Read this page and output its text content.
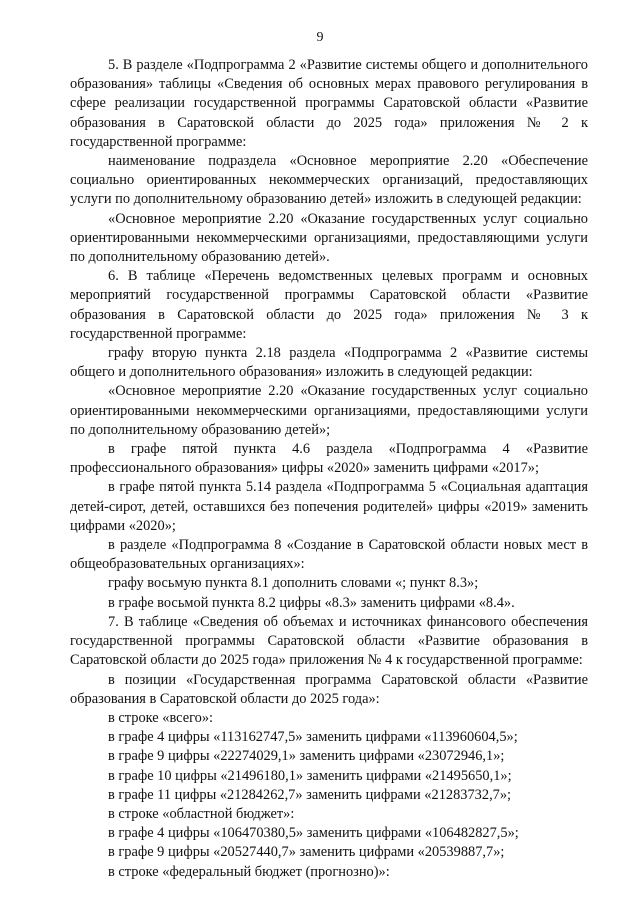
9

5. В разделе «Подпрограмма 2 «Развитие системы общего и дополнительного образования» таблицы «Сведения об основных мерах правового регулирования в сфере реализации государственной программы Саратовской области «Развитие образования в Саратовской области до 2025 года» приложения № 2 к государственной программе:

наименование подраздела «Основное мероприятие 2.20 «Обеспечение социально ориентированных некоммерческих организаций, предоставляющих услуги по дополнительному образованию детей» изложить в следующей редакции:

«Основное мероприятие 2.20 «Оказание государственных услуг социально ориентированными некоммерческими организациями, предоставляющими услуги по дополнительному образованию детей».

6. В таблице «Перечень ведомственных целевых программ и основных мероприятий государственной программы Саратовской области «Развитие образования в Саратовской области до 2025 года» приложения № 3 к государственной программе:

графу вторую пункта 2.18 раздела «Подпрограмма 2 «Развитие системы общего и дополнительного образования» изложить в следующей редакции:

«Основное мероприятие 2.20 «Оказание государственных услуг социально ориентированными некоммерческими организациями, предоставляющими услуги по дополнительному образованию детей»;

в графе пятой пункта 4.6 раздела «Подпрограмма 4 «Развитие профессионального образования» цифры «2020» заменить цифрами «2017»;

в графе пятой пункта 5.14 раздела «Подпрограмма 5 «Социальная адаптация детей-сирот, детей, оставшихся без попечения родителей» цифры «2019» заменить цифрами «2020»;

в разделе «Подпрограмма 8 «Создание в Саратовской области новых мест в общеобразовательных организациях»:

графу восьмую пункта 8.1 дополнить словами «; пункт 8.3»;

в графе восьмой пункта 8.2 цифры «8.3» заменить цифрами «8.4».

7. В таблице «Сведения об объемах и источниках финансового обеспечения государственной программы Саратовской области «Развитие образования в Саратовской области до 2025 года» приложения № 4 к государственной программе:

в позиции «Государственная программа Саратовской области «Развитие образования в Саратовской области до 2025 года»:

в строке «всего»:

в графе 4 цифры «113162747,5» заменить цифрами «113960604,5»;

в графе 9 цифры «22274029,1» заменить цифрами «23072946,1»;

в графе 10 цифры «21496180,1» заменить цифрами «21495650,1»;

в графе 11 цифры «21284262,7» заменить цифрами «21283732,7»;

в строке «областной бюджет»:

в графе 4 цифры «106470380,5» заменить цифрами «106482827,5»;

в графе 9 цифры «20527440,7» заменить цифрами «20539887,7»;

в строке «федеральный бюджет (прогнозно)»:
